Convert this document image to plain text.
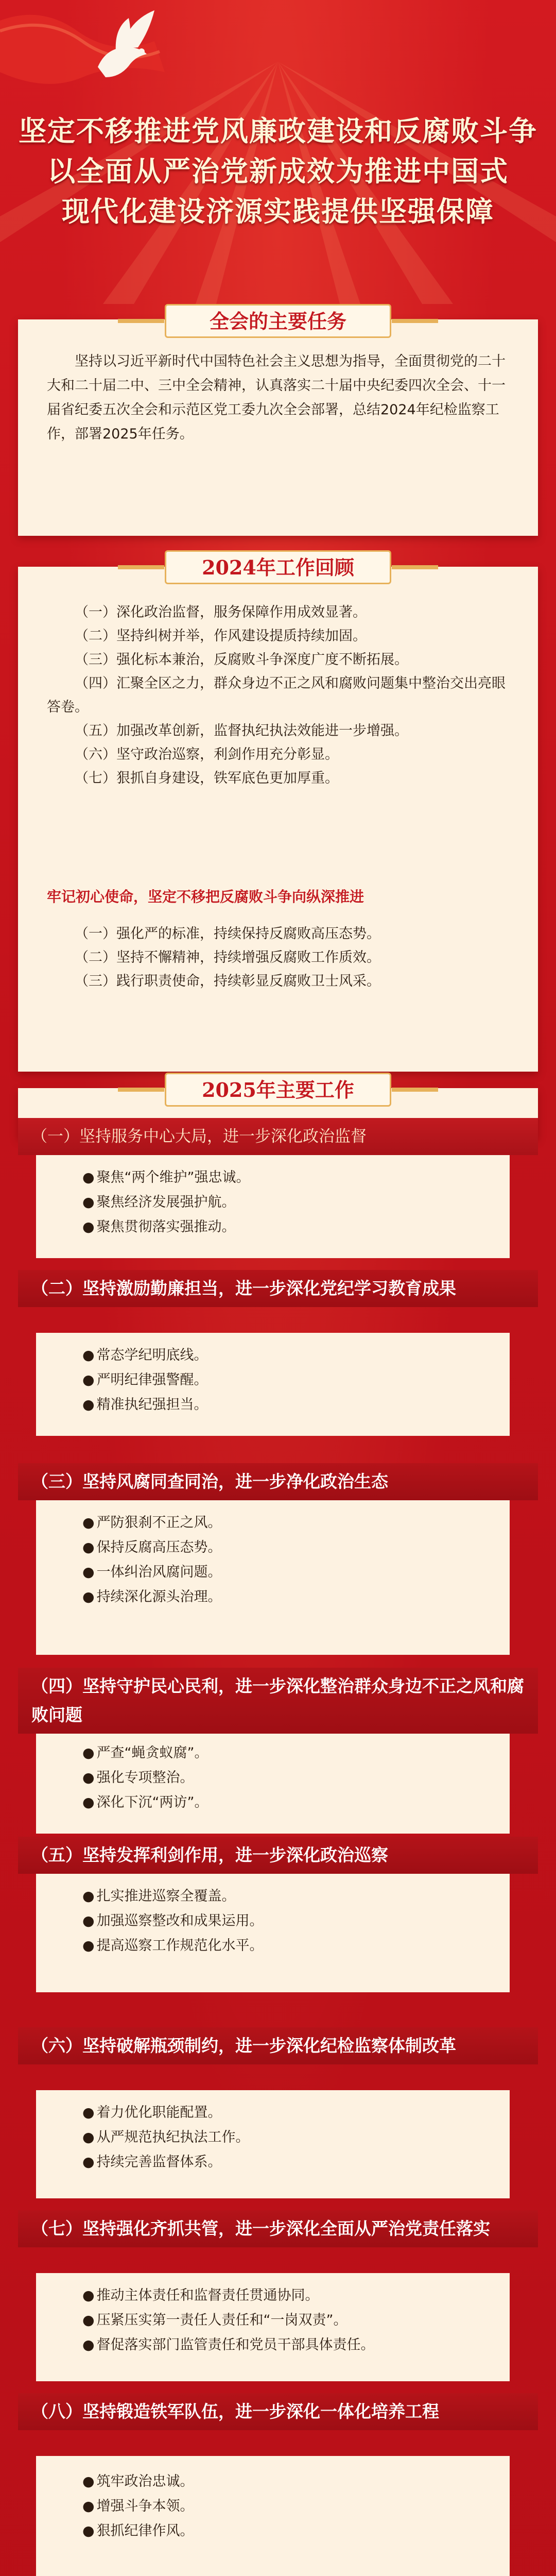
坚定不移推进党风廉政建设和反腐败斗争
以全面从严治党新成效为推进中国式
现代化建设济源实践提供坚强保障
全会的主要任务
坚持以习近平新时代中国特色社会主义思想为指导，全面贯彻党的二十大和二十届二中、三中全会精神，认真落实二十届中央纪委四次全会、十一届省纪委五次全会和示范区党工委九次全会部署，总结2024年纪检监察工作，部署2025年任务。
2024年工作回顾
（一）深化政治监督，服务保障作用成效显著。
（二）坚持纠树并举，作风建设提质持续加固。
（三）强化标本兼治，反腐败斗争深度广度不断拓展。
（四）汇聚全区之力，群众身边不正之风和腐败问题集中整治交出亮眼答卷。
（五）加强改革创新，监督执纪执法效能进一步增强。
（六）坚守政治巡察，利剑作用充分彰显。
（七）狠抓自身建设，铁军底色更加厚重。
牢记初心使命，坚定不移把反腐败斗争向纵深推进
（一）强化严的标准，持续保持反腐败高压态势。
（二）坚持不懈精神，持续增强反腐败工作质效。
（三）践行职责使命，持续彰显反腐败卫士风采。
2025年主要工作
（一）坚持服务中心大局，进一步深化政治监督
● 聚焦“两个维护”强忠诚。
● 聚焦经济发展强护航。
● 聚焦贯彻落实强推动。
（二）坚持激励勤廉担当，进一步深化党纪学习教育成果
● 常态学纪明底线。
● 严明纪律强警醒。
● 精准执纪强担当。
（三）坚持风腐同查同治，进一步净化政治生态
● 严防狠刹不正之风。
● 保持反腐高压态势。
● 一体纠治风腐问题。
● 持续深化源头治理。
（四）坚持守护民心民利，进一步深化整治群众身边不正之风和腐败问题
● 严查“蝇贪蚁腐”。
● 强化专项整治。
● 深化下沉“两访”。
（五）坚持发挥利剑作用，进一步深化政治巡察
● 扎实推进巡察全覆盖。
● 加强巡察整改和成果运用。
● 提高巡察工作规范化水平。
（六）坚持破解瓶颈制约，进一步深化纪检监察体制改革
● 着力优化职能配置。
● 从严规范执纪执法工作。
● 持续完善监督体系。
（七）坚持强化齐抓共管，进一步深化全面从严治党责任落实
● 推动主体责任和监督责任贯通协同。
● 压紧压实第一责任人责任和“一岗双责”。
● 督促落实部门监管责任和党员干部具体责任。
（八）坚持锻造铁军队伍，进一步深化一体化培养工程
● 筑牢政治忠诚。
● 增强斗争本领。
● 狠抓纪律作风。
